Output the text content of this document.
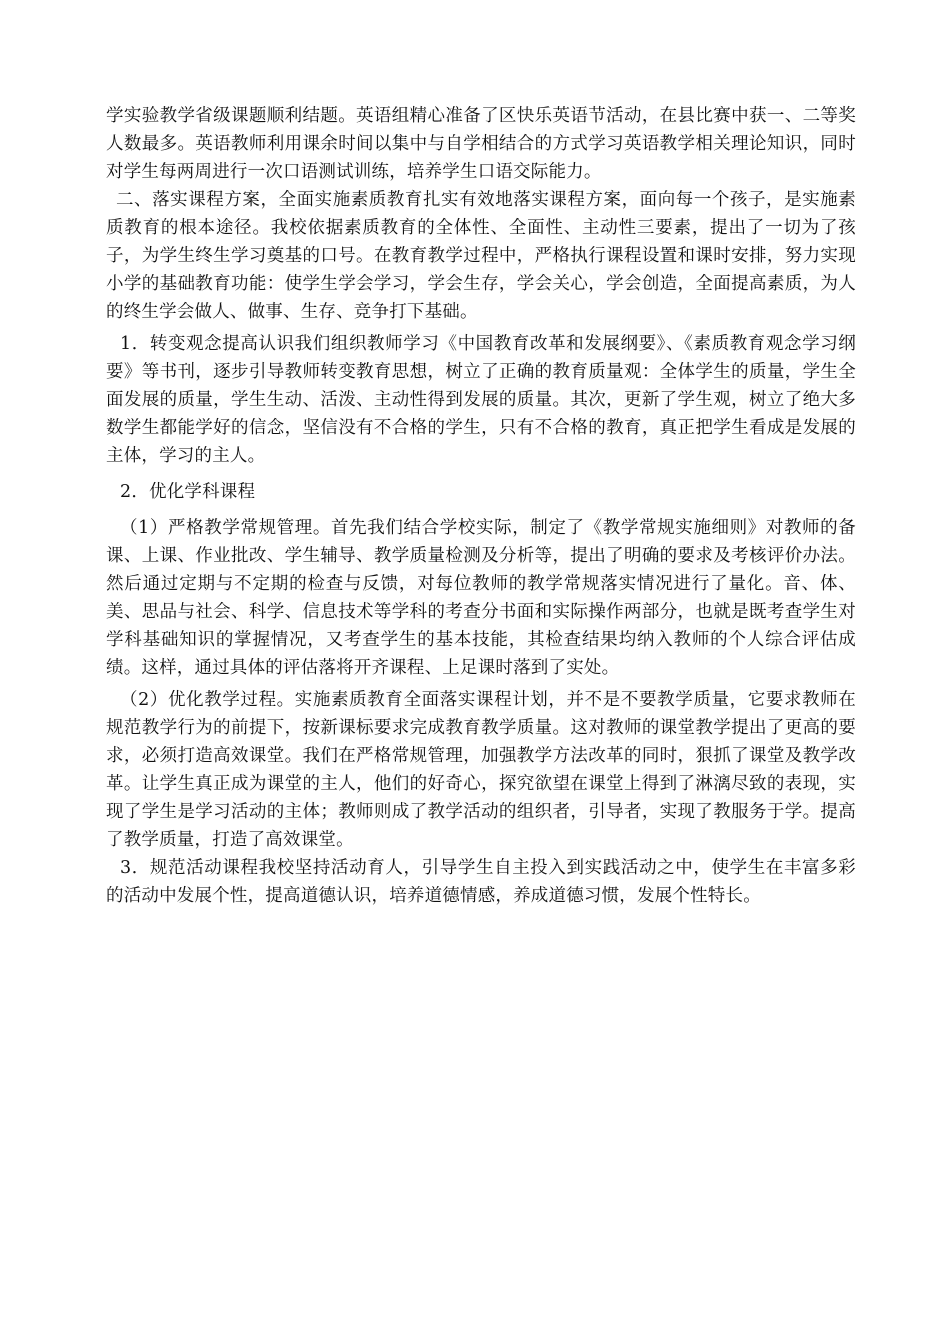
学实验教学省级课题顺利结题。英语组精心准备了区快乐英语节活动，在县比赛中获一、二等奖人数最多。英语教师利用课余时间以集中与自学相结合的方式学习英语教学相关理论知识，同时对学生每两周进行一次口语测试训练，培养学生口语交际能力。

二、落实课程方案，全面实施素质教育扎实有效地落实课程方案，面向每一个孩子，是实施素质教育的根本途径。我校依据素质教育的全体性、全面性、主动性三要素，提出了一切为了孩子，为学生终生学习奠基的口号。在教育教学过程中，严格执行课程设置和课时安排，努力实现小学的基础教育功能：使学生学会学习，学会生存，学会关心，学会创造，全面提高素质，为人的终生学会做人、做事、生存、竞争打下基础。

1．转变观念提高认识我们组织教师学习《中国教育改革和发展纲要》、《素质教育观念学习纲要》等书刊，逐步引导教师转变教育思想，树立了正确的教育质量观：全体学生的质量，学生全面发展的质量，学生生动、活泼、主动性得到发展的质量。其次，更新了学生观，树立了绝大多数学生都能学好的信念，坚信没有不合格的学生，只有不合格的教育，真正把学生看成是发展的主体，学习的主人。

2．优化学科课程

（1）严格教学常规管理。首先我们结合学校实际，制定了《教学常规实施细则》对教师的备课、上课、作业批改、学生辅导、教学质量检测及分析等，提出了明确的要求及考核评价办法。然后通过定期与不定期的检查与反馈，对每位教师的教学常规落实情况进行了量化。音、体、美、思品与社会、科学、信息技术等学科的考查分书面和实际操作两部分，也就是既考查学生对学科基础知识的掌握情况，又考查学生的基本技能，其检查结果均纳入教师的个人综合评估成绩。这样，通过具体的评估落将开齐课程、上足课时落到了实处。

（2）优化教学过程。实施素质教育全面落实课程计划，并不是不要教学质量，它要求教师在规范教学行为的前提下，按新课标要求完成教育教学质量。这对教师的课堂教学提出了更高的要求，必须打造高效课堂。我们在严格常规管理，加强教学方法改革的同时，狠抓了课堂及教学改革。让学生真正成为课堂的主人，他们的好奇心，探究欲望在课堂上得到了淋漓尽致的表现，实现了学生是学习活动的主体；教师则成了教学活动的组织者，引导者，实现了教服务于学。提高了教学质量，打造了高效课堂。

3．规范活动课程我校坚持活动育人，引导学生自主投入到实践活动之中，使学生在丰富多彩的活动中发展个性，提高道德认识，培养道德情感，养成道德习惯，发展个性特长。
